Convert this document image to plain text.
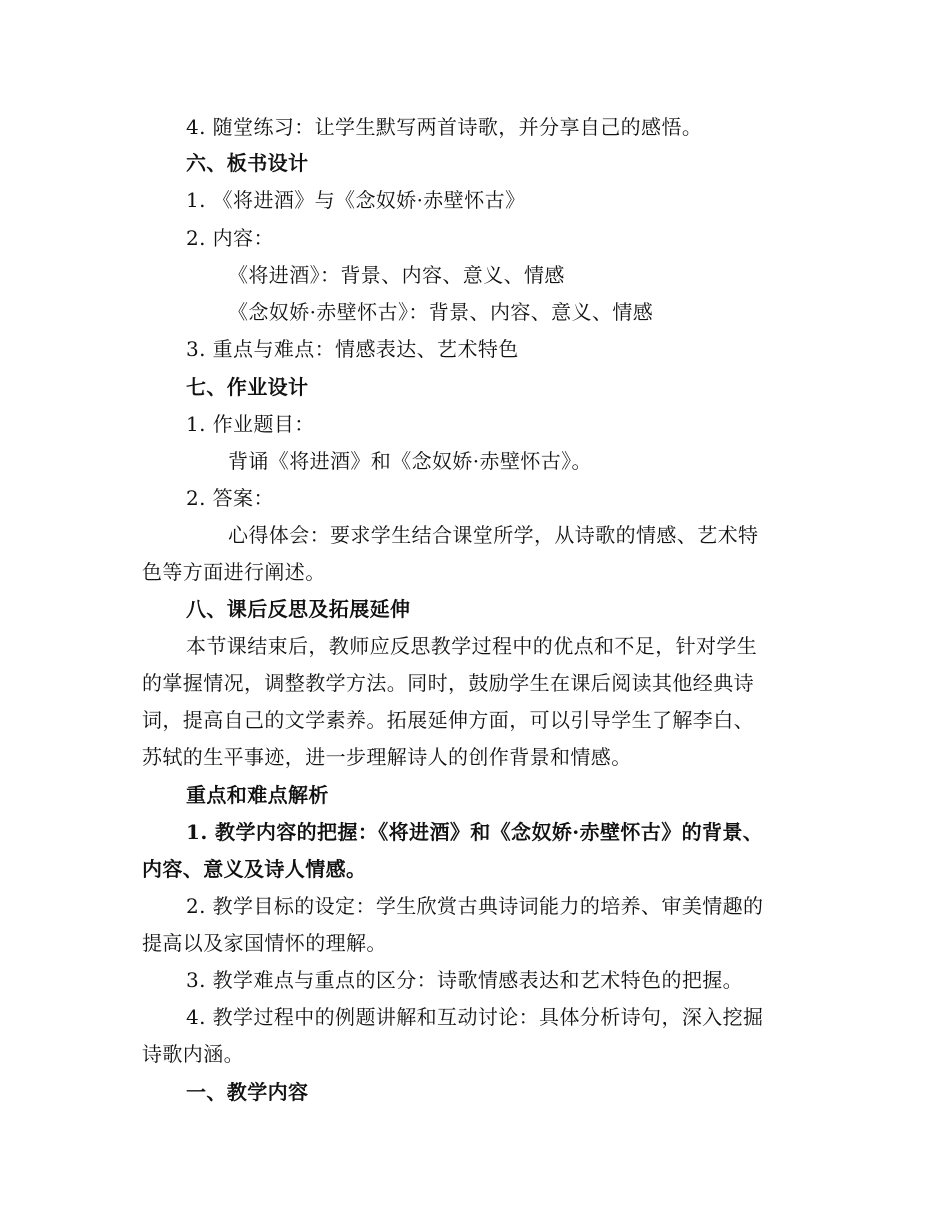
4. 随堂练习：让学生默写两首诗歌，并分享自己的感悟。
六、板书设计
1. 《将进酒》与《念奴娇·赤壁怀古》
2. 内容：
《将进酒》：背景、内容、意义、情感
《念奴娇·赤壁怀古》：背景、内容、意义、情感
3. 重点与难点：情感表达、艺术特色
七、作业设计
1. 作业题目：
背诵《将进酒》和《念奴娇·赤壁怀古》。
2. 答案：
心得体会：要求学生结合课堂所学，从诗歌的情感、艺术特
色等方面进行阐述。
八、课后反思及拓展延伸
本节课结束后，教师应反思教学过程中的优点和不足，针对学生
的掌握情况，调整教学方法。同时，鼓励学生在课后阅读其他经典诗
词，提高自己的文学素养。拓展延伸方面，可以引导学生了解李白、
苏轼的生平事迹，进一步理解诗人的创作背景和情感。
重点和难点解析
1. 教学内容的把握：《将进酒》和《念奴娇·赤壁怀古》的背景、
内容、意义及诗人情感。
2. 教学目标的设定：学生欣赏古典诗词能力的培养、审美情趣的
提高以及家国情怀的理解。
3. 教学难点与重点的区分：诗歌情感表达和艺术特色的把握。
4. 教学过程中的例题讲解和互动讨论：具体分析诗句，深入挖掘
诗歌内涵。
一、教学内容
